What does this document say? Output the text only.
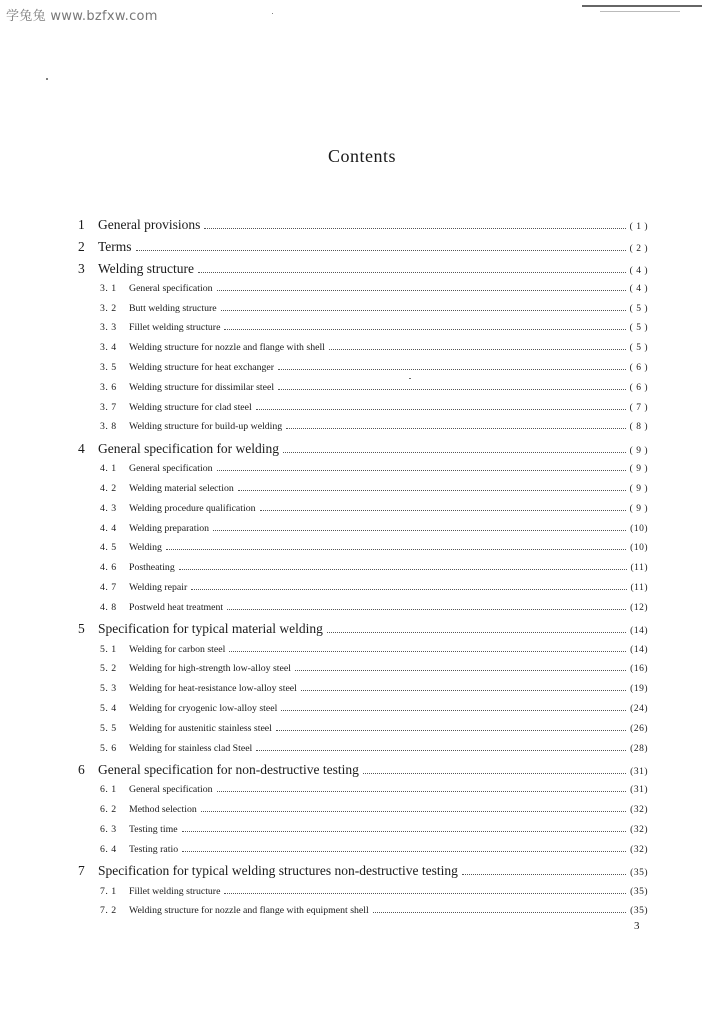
学兔兔 www.bzfxw.com
Contents
1 General provisions	( 1 )
2 Terms	( 2 )
3 Welding structure	( 4 )
3. 1	General specification	( 4 )
3. 2	Butt welding structure	( 5 )
3. 3	Fillet welding structure	( 5 )
3. 4	Welding structure for nozzle and flange with shell	( 5 )
3. 5	Welding structure for heat exchanger	( 6 )
3. 6	Welding structure for dissimilar steel	( 6 )
3. 7	Welding structure for clad steel	( 7 )
3. 8	Welding structure for build-up welding	( 8 )
4 General specification for welding	( 9 )
4. 1	General specification	( 9 )
4. 2	Welding material selection	( 9 )
4. 3	Welding procedure qualification	( 9 )
4. 4	Welding preparation	(10)
4. 5	Welding	(10)
4. 6	Postheating	(11)
4. 7	Welding repair	(11)
4. 8	Postweld heat treatment	(12)
5 Specification for typical material welding	(14)
5. 1	Welding for carbon steel	(14)
5. 2	Welding for high-strength low-alloy steel	(16)
5. 3	Welding for heat-resistance low-alloy steel	(19)
5. 4	Welding for cryogenic low-alloy steel	(24)
5. 5	Welding for austenitic stainless steel	(26)
5. 6	Welding for stainless clad Steel	(28)
6 General specification for non-destructive testing	(31)
6. 1	General specification	(31)
6. 2	Method selection	(32)
6. 3	Testing time	(32)
6. 4	Testing ratio	(32)
7 Specification for typical welding structures non-destructive testing	(35)
7. 1	Fillet welding structure	(35)
7. 2	Welding structure for nozzle and flange with equipment shell	(35)
3
